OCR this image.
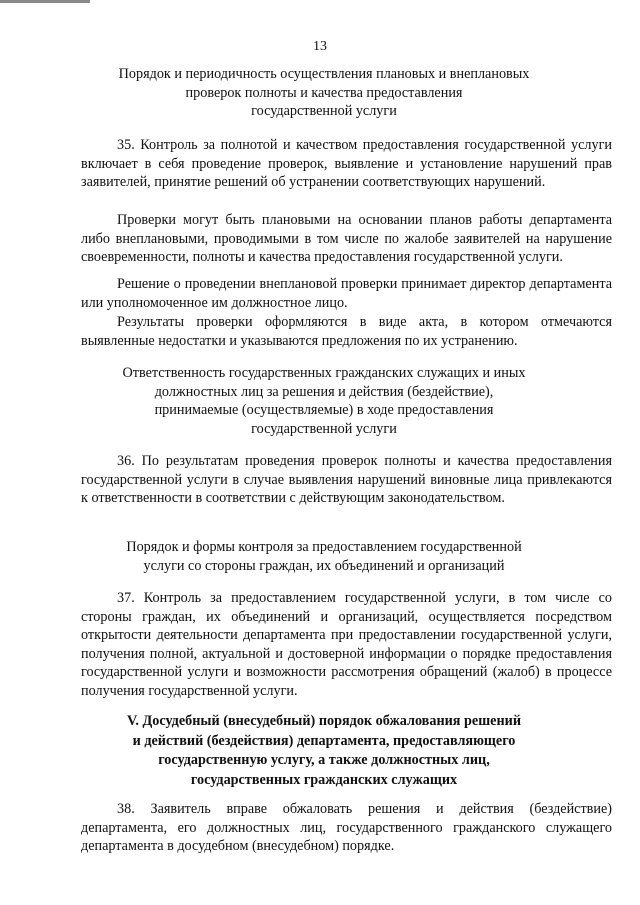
13
Порядок и периодичность осуществления плановых и внеплановых
проверок полноты и качества предоставления
государственной услуги

35. Контроль за полнотой и качеством предоставления государственной услуги включает в себя проведение проверок, выявление и установление нарушений прав заявителей, принятие решений об устранении соответствующих нарушений.

Проверки могут быть плановыми на основании планов работы департамента либо внеплановыми, проводимыми в том числе по жалобе заявителей на нарушение своевременности, полноты и качества предоставления государственной услуги.

Решение о проведении внеплановой проверки принимает директор департамента или уполномоченное им должностное лицо.

Результаты проверки оформляются в виде акта, в котором отмечаются выявленные недостатки и указываются предложения по их устранению.

Ответственность государственных гражданских служащих и иных
должностных лиц за решения и действия (бездействие),
принимаемые (осуществляемые) в ходе предоставления
государственной услуги

36. По результатам проведения проверок полноты и качества предоставления государственной услуги в случае выявления нарушений виновные лица привлекаются к ответственности в соответствии с действующим законодательством.

Порядок и формы контроля за предоставлением государственной
услуги со стороны граждан, их объединений и организаций

37. Контроль за предоставлением государственной услуги, в том числе со стороны граждан, их объединений и организаций, осуществляется посредством открытости деятельности департамента при предоставлении государственной услуги, получения полной, актуальной и достоверной информации о порядке предоставления государственной услуги и возможности рассмотрения обращений (жалоб) в процессе получения государственной услуги.

V. Досудебный (внесудебный) порядок обжалования решений
и действий (бездействия) департамента, предоставляющего
государственную услугу, а также должностных лиц,
государственных гражданских служащих

38. Заявитель вправе обжаловать решения и действия (бездействие) департамента, его должностных лиц, государственного гражданского служащего департамента в досудебном (внесудебном) порядке.
